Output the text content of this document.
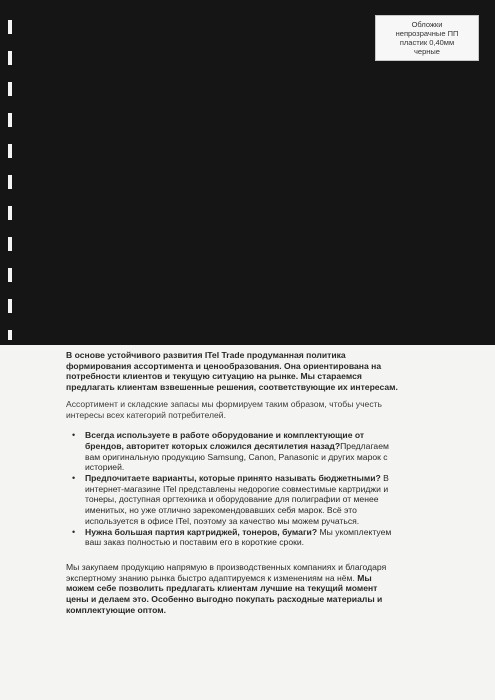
Обложки
непрозрачные ПП
пластик 0,40мм
черные

В основе устойчивого развития ITel Trade продуманная политика
формирования ассортимента и ценообразования. Она ориентирована на
потребности клиентов и текущую ситуацию на рынке. Мы стараемся
предлагать клиентам взвешенные решения, соответствующие их интересам.

Ассортимент и складские запасы мы формируем таким образом, чтобы учесть
интересы всех категорий потребителей.

• Всегда используете в работе оборудование и комплектующие от
брендов, авторитет которых сложился десятилетия назад?Предлагаем
вам оригинальную продукцию Samsung, Canon, Panasonic и других марок с
историей.
• Предпочитаете варианты, которые принято называть бюджетными? В
интернет-магазине ITel представлены недорогие совместимые картриджи и
тонеры, доступная оргтехника и оборудование для полиграфии от менее
именитых, но уже отлично зарекомендовавших себя марок. Всё это
используется в офисе ITel, поэтому за качество мы можем ручаться.
• Нужна большая партия картриджей, тонеров, бумаги? Мы укомплектуем
ваш заказ полностью и поставим его в короткие сроки.

Мы закупаем продукцию напрямую в производственных компаниях и благодаря
экспертному знанию рынка быстро адаптируемся к изменениям на нём. Мы
можем себе позволить предлагать клиентам лучшие на текущий момент
цены и делаем это. Особенно выгодно покупать расходные материалы и
комплектующие оптом.
